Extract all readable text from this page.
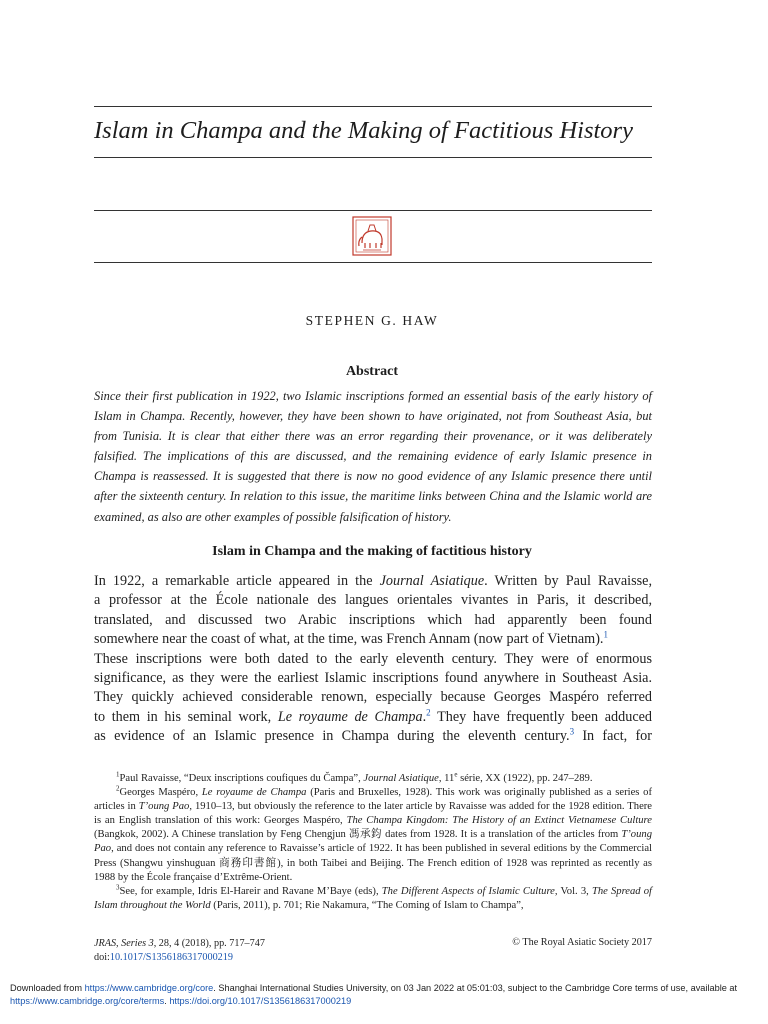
Islam in Champa and the Making of Factitious History
STEPHEN G. HAW
Abstract
Since their first publication in 1922, two Islamic inscriptions formed an essential basis of the early history of Islam in Champa. Recently, however, they have been shown to have originated, not from Southeast Asia, but from Tunisia. It is clear that either there was an error regarding their provenance, or it was deliberately falsified. The implications of this are discussed, and the remaining evidence of early Islamic presence in Champa is reassessed. It is suggested that there is now no good evidence of any Islamic presence there until after the sixteenth century. In relation to this issue, the maritime links between China and the Islamic world are examined, as also are other examples of possible falsification of history.
Islam in Champa and the making of factitious history
In 1922, a remarkable article appeared in the Journal Asiatique. Written by Paul Ravaisse,
a professor at the École nationale des langues orientales vivantes in Paris, it described,
translated, and discussed two Arabic inscriptions which had apparently been found
somewhere near the coast of what, at the time, was French Annam (now part of Vietnam).$^1$
These inscriptions were both dated to the early eleventh century. They were of enormous
significance, as they were the earliest Islamic inscriptions found anywhere in Southeast Asia.
They quickly achieved considerable renown, especially because Georges Maspéro referred
to them in his seminal work, Le royaume de Champa.$^2$ They have frequently been adduced
as evidence of an Islamic presence in Champa during the eleventh century.$^3$ In fact, for

$^1$Paul Ravaisse, “Deux inscriptions coufiques du Čampa”, Journal Asiatique, 11e série, XX (1922), pp. 247–289.

$^2$Georges Maspéro, Le royaume de Champa (Paris and Bruxelles, 1928). This work was originally published as a series of articles in T’oung Pao, 1910–13, but obviously the reference to the later article by Ravaisse was added for the 1928 edition. There is an English translation of this work: Georges Maspéro, The Champa Kingdom: The History of an Extinct Vietnamese Culture (Bangkok, 2002). A Chinese translation by Feng Chengjun 馮承鈞 dates from 1928. It is a translation of the articles from T’oung Pao, and does not contain any reference to Ravaisse’s article of 1922. It has been published in several editions by the Commercial Press (Shangwu yinshuguan 商務印書館), in both Taibei and Beijing. The French edition of 1928 was reprinted as recently as 1988 by the École française d’Extrême-Orient.

$^3$See, for example, Idris El-Hareir and Ravane M’Baye (eds), The Different Aspects of Islamic Culture, Vol. 3, The Spread of Islam throughout the World (Paris, 2011), p. 701; Rie Nakamura, “The Coming of Islam to Champa”,

JRAS, Series 3, 28, 4 (2018), pp. 717–747
doi:10.1017/S1356186317000219
© The Royal Asiatic Society 2017
Downloaded from https://www.cambridge.org/core. Shanghai International Studies University, on 03 Jan 2022 at 05:01:03, subject to the Cambridge Core terms of use, available at https://www.cambridge.org/core/terms. https://doi.org/10.1017/S1356186317000219
